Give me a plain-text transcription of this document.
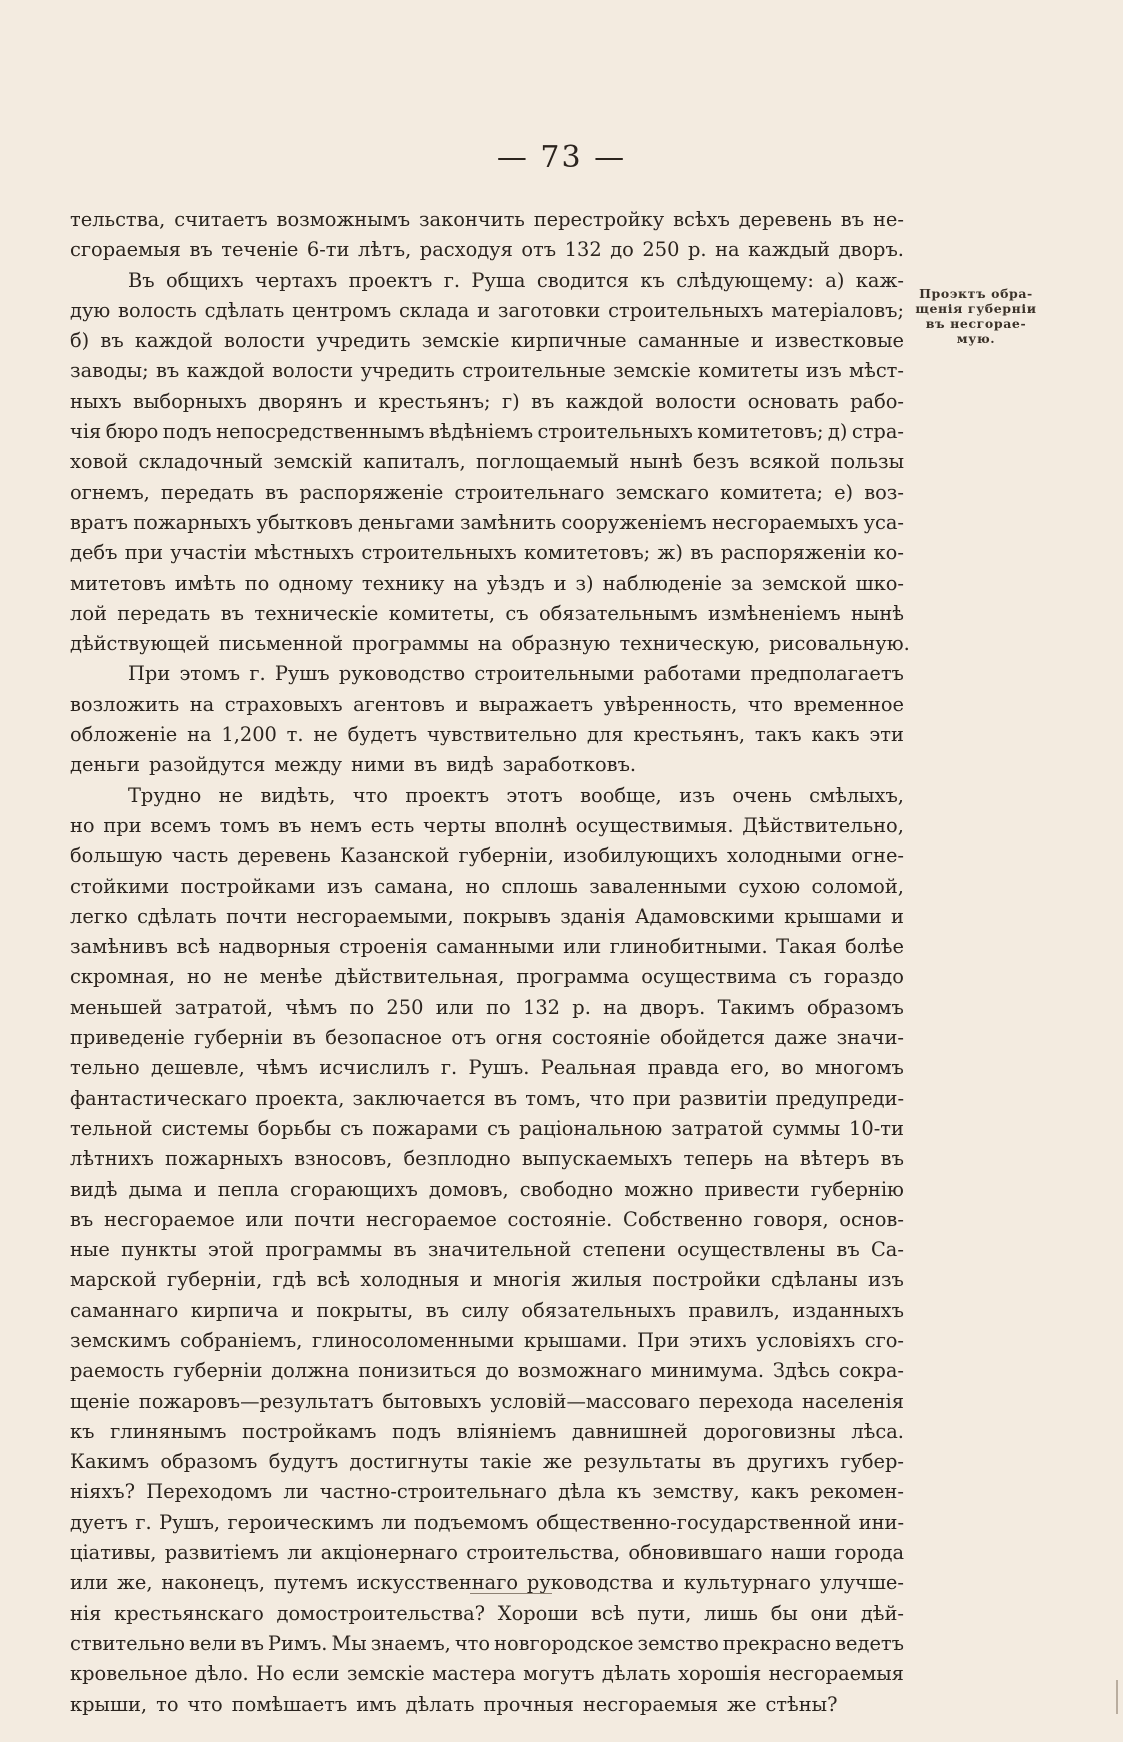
— 73 —
тельства, считаетъ возможнымъ закончить перестройку всѣхъ деревень въ не-
сгораемыя въ теченіе 6-ти лѣтъ, расходуя отъ 132 до 250 р. на каждый дворъ.
Въ общихъ чертахъ проектъ г. Руша сводится къ слѣдующему: а) каж-
дую волость сдѣлать центромъ склада и заготовки строительныхъ матеріаловъ;
б) въ каждой волости учредить земскіе кирпичные саманные и известковые
заводы; въ каждой волости учредить строительные земскіе комитеты изъ мѣст-
ныхъ выборныхъ дворянъ и крестьянъ; г) въ каждой волости основать рабо-
чія бюро подъ непосредственнымъ вѣдѣніемъ строительныхъ комитетовъ; д) стра-
ховой складочный земскій капиталъ, поглощаемый нынѣ безъ всякой пользы
огнемъ, передать въ распоряженіе строительнаго земскаго комитета; е) воз-
вратъ пожарныхъ убытковъ деньгами замѣнить сооруженіемъ несгораемыхъ уса-
дебъ при участіи мѣстныхъ строительныхъ комитетовъ; ж) въ распоряженіи ко-
митетовъ имѣть по одному технику на уѣздъ и з) наблюденіе за земской шко-
лой передать въ техническіе комитеты, съ обязательнымъ измѣненіемъ нынѣ
дѣйствующей письменной программы на образную техническую, рисовальную.
При этомъ г. Рушъ руководство строительными работами предполагаетъ
возложить на страховыхъ агентовъ и выражаетъ увѣренность, что временное
обложеніе на 1,200 т. не будетъ чувствительно для крестьянъ, такъ какъ эти
деньги разойдутся между ними въ видѣ заработковъ.
Трудно не видѣть, что проектъ этотъ вообще, изъ очень смѣлыхъ,
но при всемъ томъ въ немъ есть черты вполнѣ осуществимыя. Дѣйствительно,
большую часть деревень Казанской губерніи, изобилующихъ холодными огне-
стойкими постройками изъ самана, но сплошь заваленными сухою соломой,
легко сдѣлать почти несгораемыми, покрывъ зданія Адамовскими крышами и
замѣнивъ всѣ надворныя строенія саманными или глинобитными. Такая болѣе
скромная, но не менѣе дѣйствительная, программа осуществима съ гораздо
меньшей затратой, чѣмъ по 250 или по 132 р. на дворъ. Такимъ образомъ
приведеніе губерніи въ безопасное отъ огня состояніе обойдется даже значи-
тельно дешевле, чѣмъ исчислилъ г. Рушъ. Реальная правда его, во многомъ
фантастическаго проекта, заключается въ томъ, что при развитіи предупреди-
тельной системы борьбы съ пожарами съ раціональною затратой суммы 10-ти
лѣтнихъ пожарныхъ взносовъ, безплодно выпускаемыхъ теперь на вѣтеръ въ
видѣ дыма и пепла сгорающихъ домовъ, свободно можно привести губернію
въ несгораемое или почти несгораемое состояніе. Собственно говоря, основ-
ные пункты этой программы въ значительной степени осуществлены въ Са-
марской губерніи, гдѣ всѣ холодныя и многія жилыя постройки сдѣланы изъ
саманнаго кирпича и покрыты, въ силу обязательныхъ правилъ, изданныхъ
земскимъ собраніемъ, глиносоломенными крышами. При этихъ условіяхъ сго-
раемость губерніи должна понизиться до возможнаго минимума. Здѣсь сокра-
щеніе пожаровъ—результатъ бытовыхъ условій—массоваго перехода населенія
къ глинянымъ постройкамъ подъ вліяніемъ давнишней дороговизны лѣса.
Какимъ образомъ будутъ достигнуты такіе же результаты въ другихъ губер-
ніяхъ? Переходомъ ли частно-строительнаго дѣла къ земству, какъ рекомен-
дуетъ г. Рушъ, героическимъ ли подъемомъ общественно-государственной ини-
ціативы, развитіемъ ли акціонернаго строительства, обновившаго наши города
или же, наконецъ, путемъ искусственнаго руководства и культурнаго улучше-
нія крестьянскаго домостроительства? Хороши всѣ пути, лишь бы они дѣй-
ствительно вели въ Римъ. Мы знаемъ, что новгородское земство прекрасно ведетъ
кровельное дѣло. Но если земскіе мастера могутъ дѣлать хорошія несгораемыя
крыши, то что помѣшаетъ имъ дѣлать прочныя несгораемыя же стѣны?
Проэктъ обра-
щенія губерніи
въ несгорае-
мую.
